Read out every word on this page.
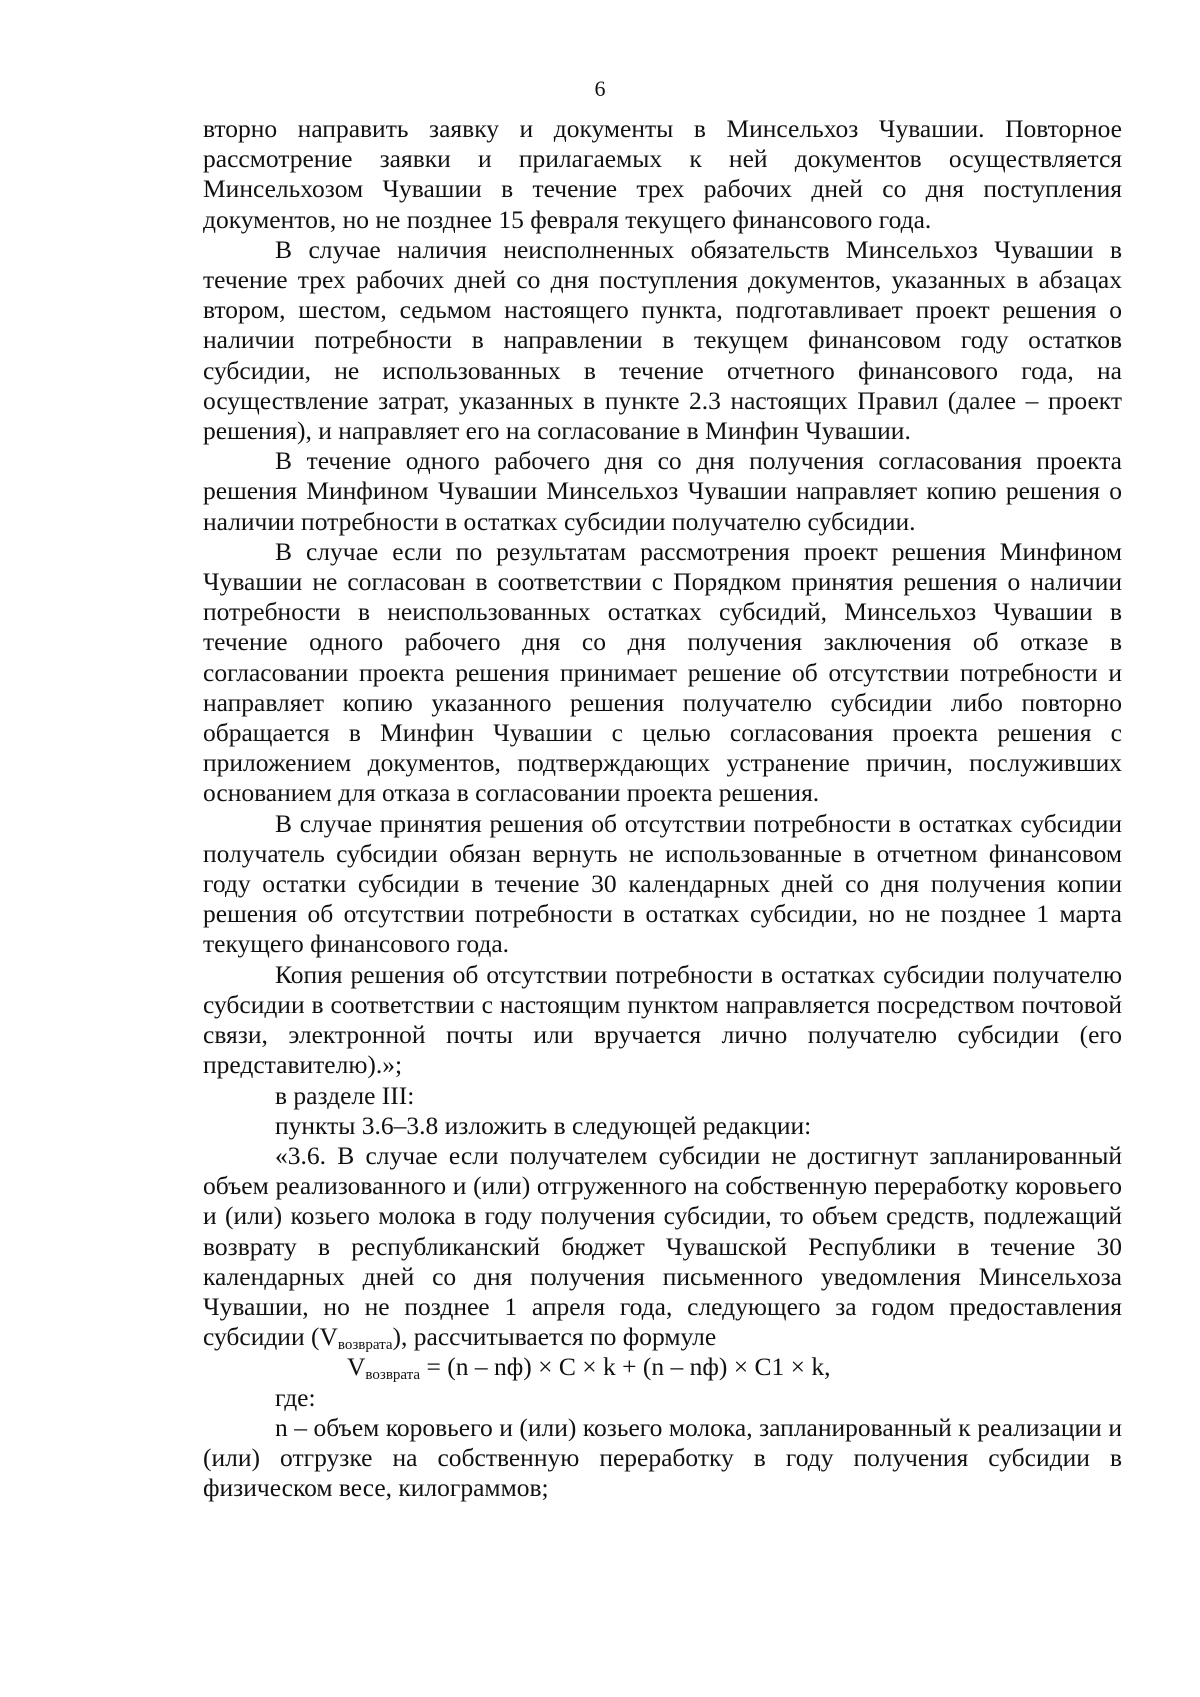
6

вторно направить заявку и документы в Минсельхоз Чувашии. Повторное рассмотрение заявки и прилагаемых к ней документов осуществляется Минсельхозом Чувашии в течение трех рабочих дней со дня поступления документов, но не позднее 15 февраля текущего финансового года.

В случае наличия неисполненных обязательств Минсельхоз Чувашии в течение трех рабочих дней со дня поступления документов, указанных в абзацах втором, шестом, седьмом настоящего пункта, подготавливает проект решения о наличии потребности в направлении в текущем финансовом году остатков субсидии, не использованных в течение отчетного финансового года, на осуществление затрат, указанных в пункте 2.3 настоящих Правил (далее – проект решения), и направляет его на согласование в Минфин Чувашии.

В течение одного рабочего дня со дня получения согласования проекта решения Минфином Чувашии Минсельхоз Чувашии направляет копию решения о наличии потребности в остатках субсидии получателю субсидии.

В случае если по результатам рассмотрения проект решения Минфином Чувашии не согласован в соответствии с Порядком принятия решения о наличии потребности в неиспользованных остатках субсидий, Минсельхоз Чувашии в течение одного рабочего дня со дня получения заключения об отказе в согласовании проекта решения принимает решение об отсутствии потребности и направляет копию указанного решения получателю субсидии либо повторно обращается в Минфин Чувашии с целью согласования проекта решения с приложением документов, подтверждающих устранение причин, послуживших основанием для отказа в согласовании проекта решения.

В случае принятия решения об отсутствии потребности в остатках субсидии получатель субсидии обязан вернуть не использованные в отчетном финансовом году остатки субсидии в течение 30 календарных дней со дня получения копии решения об отсутствии потребности в остатках субсидии, но не позднее 1 марта текущего финансового года.

Копия решения об отсутствии потребности в остатках субсидии получателю субсидии в соответствии с настоящим пунктом направляется посредством почтовой связи, электронной почты или вручается лично получателю субсидии (его представителю).»;

в разделе III:

пункты 3.6–3.8 изложить в следующей редакции:

«3.6. В случае если получателем субсидии не достигнут запланированный объем реализованного и (или) отгруженного на собственную переработку коровьего и (или) козьего молока в году получения субсидии, то объем средств, подлежащий возврату в республиканский бюджет Чувашской Республики в течение 30 календарных дней со дня получения письменного уведомления Минсельхоза Чувашии, но не позднее 1 апреля года, следующего за годом предоставления субсидии $(V_{возврата})$, рассчитывается по формуле

$V_{возврата} = (n - nф) \times C \times k + (n - nф) \times C1 \times k$,

где:

n – объем коровьего и (или) козьего молока, запланированный к реализации и (или) отгрузке на собственную переработку в году получения субсидии в физическом весе, килограммов;
